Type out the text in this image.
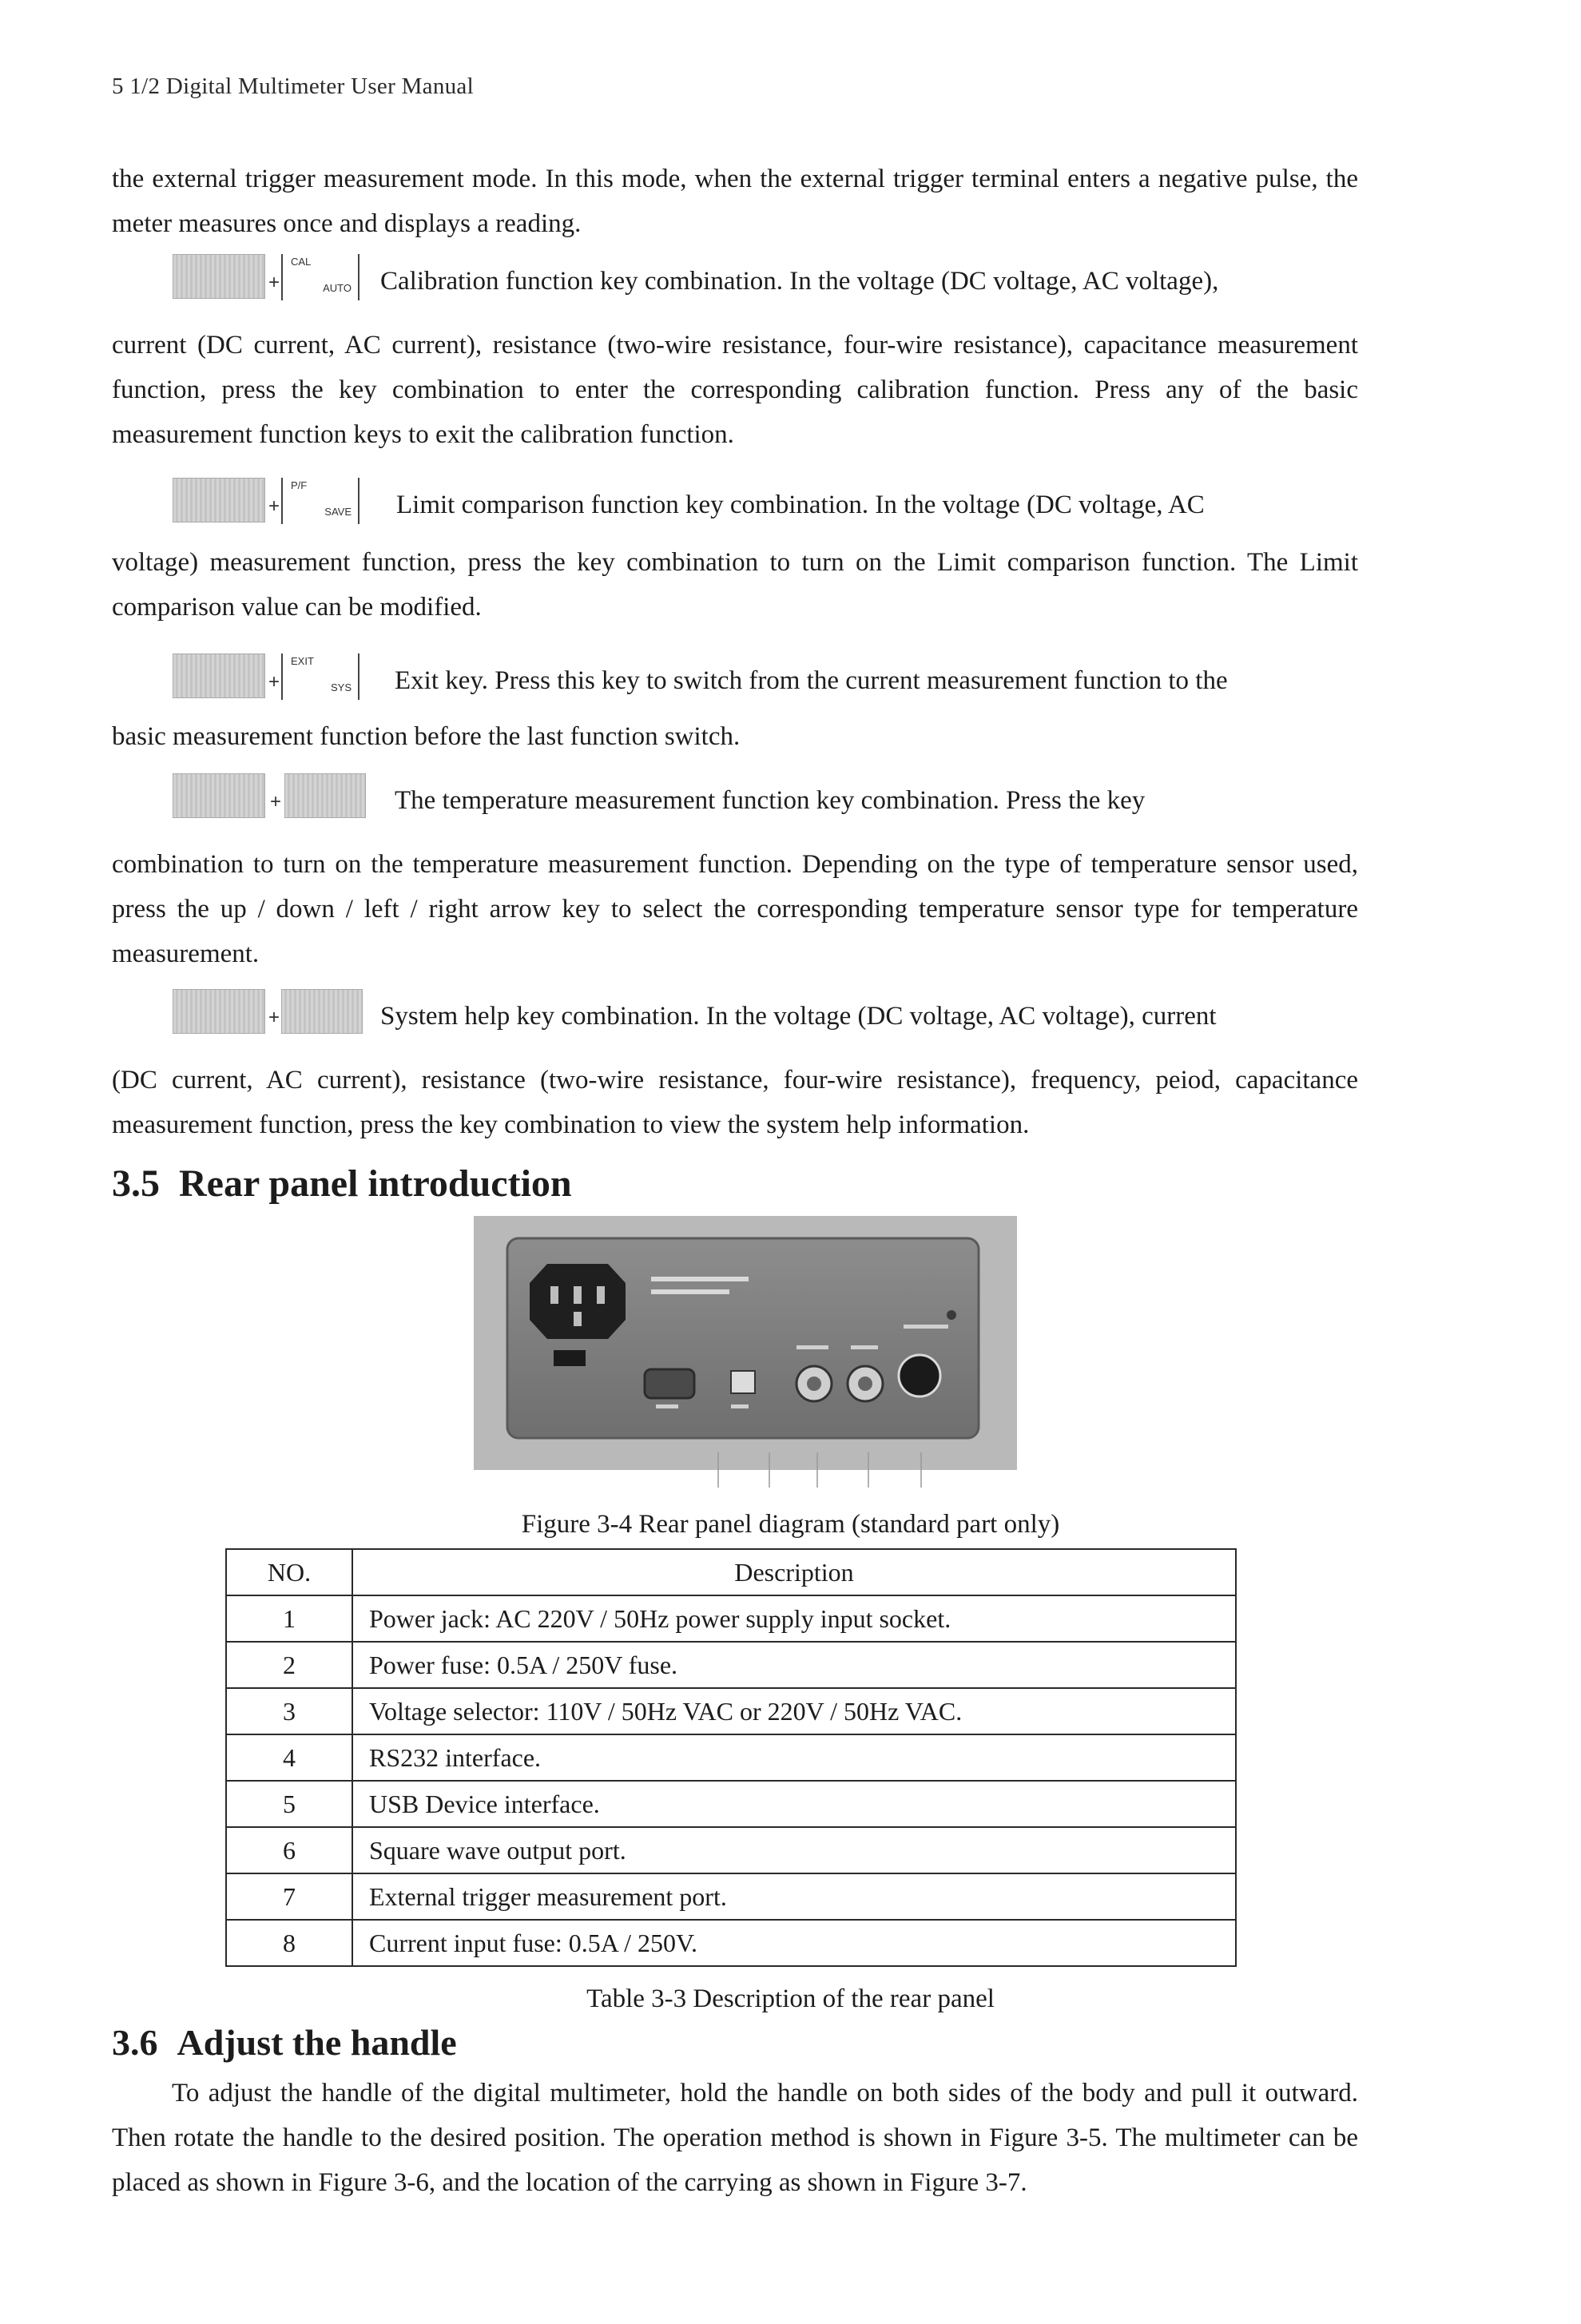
5 1/2 Digital Multimeter User Manual

the external trigger measurement mode. In this mode, when the external trigger terminal enters a negative pulse, the meter measures once and displays a reading.

+
CAL
AUTO Calibration function key combination. In the voltage (DC voltage, AC voltage),

current (DC current, AC current), resistance (two-wire resistance, four-wire resistance), capacitance measurement function, press the key combination to enter the corresponding calibration function. Press any of the basic measurement function keys to exit the calibration function.

+
P/F
SAVE Limit comparison function key combination. In the voltage (DC voltage, AC

voltage) measurement function, press the key combination to turn on the Limit comparison function. The Limit comparison value can be modified.

+
EXIT
SYS Exit key. Press this key to switch from the current measurement function to the

basic measurement function before the last function switch.

+	The temperature measurement function key combination. Press the key

combination to turn on the temperature measurement function. Depending on the type of temperature sensor used, press the up / down / left / right arrow key to select the corresponding temperature sensor type for temperature measurement.

+	System help key combination. In the voltage (DC voltage, AC voltage), current

(DC current, AC current), resistance (two-wire resistance, four-wire resistance), frequency, peiod, capacitance measurement function, press the key combination to view the system help information.

3.5 Rear panel introduction
Figure 3-4 Rear panel diagram (standard part only)
NO.	Description
1	Power jack: AC 220V / 50Hz power supply input socket.
2	Power fuse: 0.5A / 250V fuse.
3	Voltage selector: 110V / 50Hz VAC or 220V / 50Hz VAC.
4	RS232 interface.
5	USB Device interface.
6	Square wave output port.
7	External trigger measurement port.
8	Current input fuse: 0.5A / 250V.
Table 3-3 Description of the rear panel
3.6 Adjust the handle

To adjust the handle of the digital multimeter, hold the handle on both sides of the body and pull it outward. Then rotate the handle to the desired position. The operation method is shown in Figure 3-5. The multimeter can be placed as shown in Figure 3-6, and the location of the carrying as shown in Figure 3-7.
